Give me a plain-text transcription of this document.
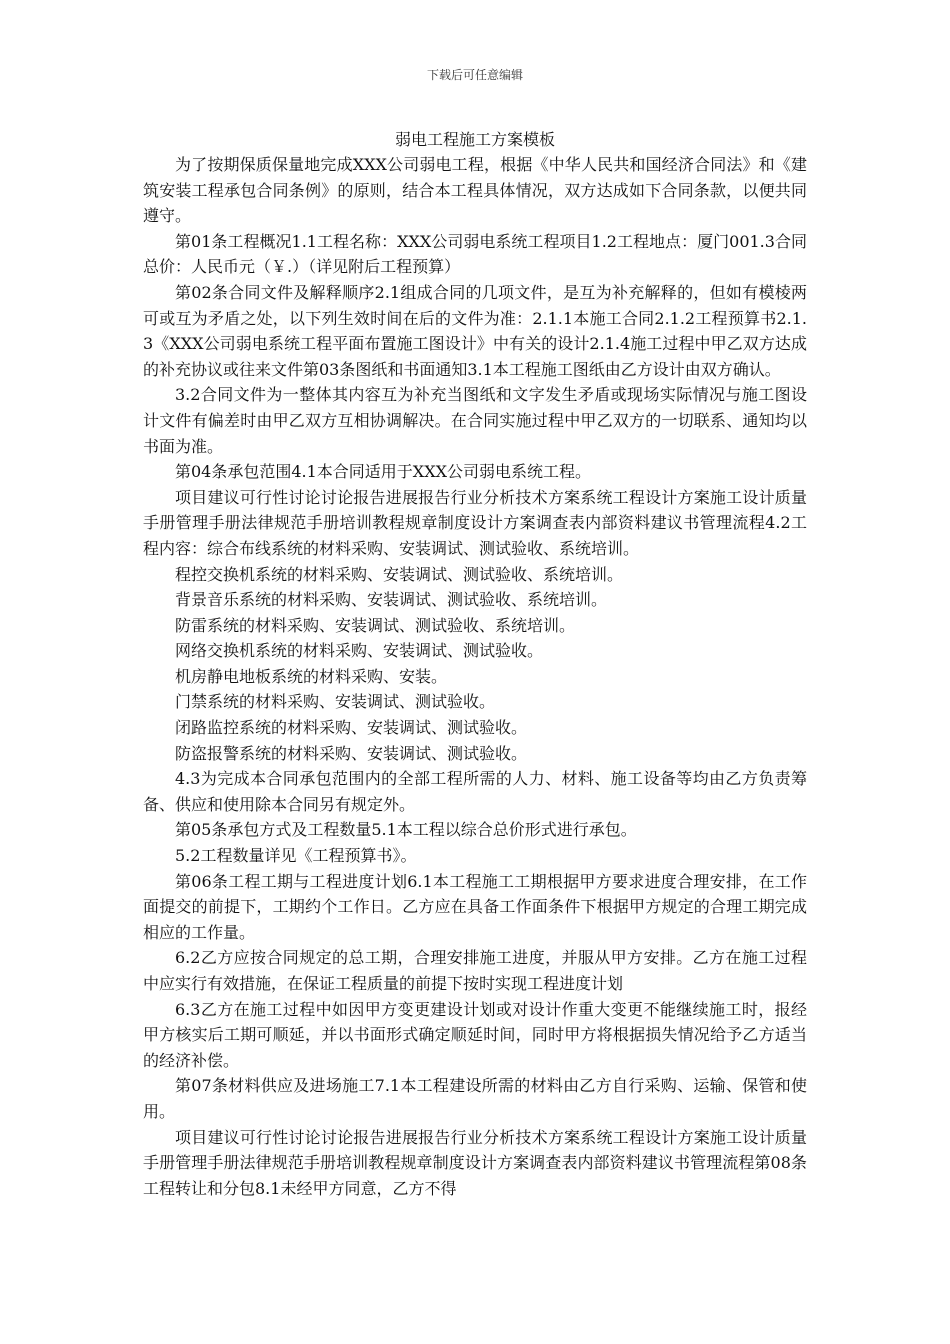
下载后可任意编辑
弱电工程施工方案模板

为了按期保质保量地完成XXX公司弱电工程，根据《中华人民共和国经济合同法》和《建筑安装工程承包合同条例》的原则，结合本工程具体情况，双方达成如下合同条款，以便共同遵守。

第01条工程概况1.1工程名称：XXX公司弱电系统工程项目1.2工程地点：厦门001.3合同总价：人民币元（￥.）（详见附后工程预算）

第02条合同文件及解释顺序2.1组成合同的几项文件，是互为补充解释的，但如有模棱两可或互为矛盾之处，以下列生效时间在后的文件为准：2.1.1本施工合同2.1.2工程预算书2.1.3《XXX公司弱电系统工程平面布置施工图设计》中有关的设计2.1.4施工过程中甲乙双方达成的补充协议或往来文件第03条图纸和书面通知3.1本工程施工图纸由乙方设计由双方确认。

3.2合同文件为一整体其内容互为补充当图纸和文字发生矛盾或现场实际情况与施工图设计文件有偏差时由甲乙双方互相协调解决。在合同实施过程中甲乙双方的一切联系、通知均以书面为准。

第04条承包范围4.1本合同适用于XXX公司弱电系统工程。

项目建议可行性讨论讨论报告进展报告行业分析技术方案系统工程设计方案施工设计质量手册管理手册法律规范手册培训教程规章制度设计方案调查表内部资料建议书管理流程4.2工程内容：综合布线系统的材料采购、安装调试、测试验收、系统培训。

程控交换机系统的材料采购、安装调试、测试验收、系统培训。

背景音乐系统的材料采购、安装调试、测试验收、系统培训。

防雷系统的材料采购、安装调试、测试验收、系统培训。

网络交换机系统的材料采购、安装调试、测试验收。

机房静电地板系统的材料采购、安装。

门禁系统的材料采购、安装调试、测试验收。

闭路监控系统的材料采购、安装调试、测试验收。

防盗报警系统的材料采购、安装调试、测试验收。

4.3为完成本合同承包范围内的全部工程所需的人力、材料、施工设备等均由乙方负责筹备、供应和使用除本合同另有规定外。

第05条承包方式及工程数量5.1本工程以综合总价形式进行承包。

5.2工程数量详见《工程预算书》。

第06条工程工期与工程进度计划6.1本工程施工工期根据甲方要求进度合理安排，在工作面提交的前提下，工期约个工作日。乙方应在具备工作面条件下根据甲方规定的合理工期完成相应的工作量。

6.2乙方应按合同规定的总工期，合理安排施工进度，并服从甲方安排。乙方在施工过程中应实行有效措施，在保证工程质量的前提下按时实现工程进度计划

6.3乙方在施工过程中如因甲方变更建设计划或对设计作重大变更不能继续施工时，报经甲方核实后工期可顺延，并以书面形式确定顺延时间，同时甲方将根据损失情况给予乙方适当的经济补偿。

第07条材料供应及进场施工7.1本工程建设所需的材料由乙方自行采购、运输、保管和使用。

项目建议可行性讨论讨论报告进展报告行业分析技术方案系统工程设计方案施工设计质量手册管理手册法律规范手册培训教程规章制度设计方案调查表内部资料建议书管理流程第08条工程转让和分包8.1未经甲方同意，乙方不得
